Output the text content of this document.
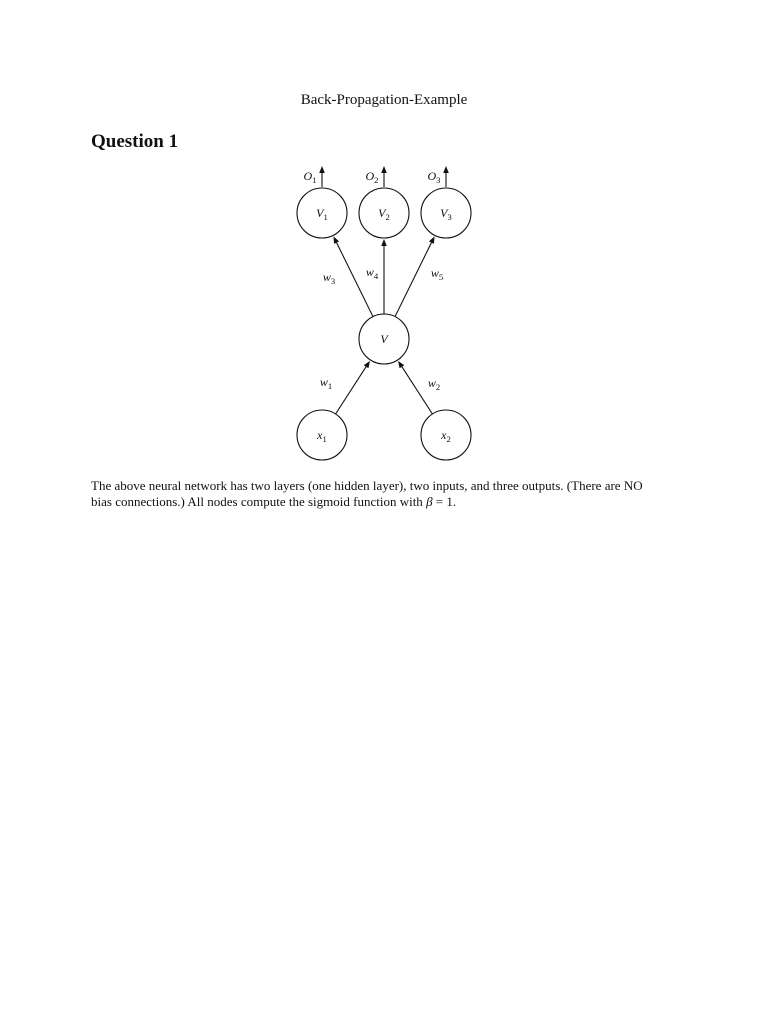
Back-Propagation-Example
Question 1
$w_1$	$w_2$
$w_3$
$w_4$	$w_5$
$V_1$	$V_2$	$V_3$
V
$x_1$	$x_2$
$O_1$	$O_2$	$O_3$

The above neural network has two layers (one hidden layer), two inputs, and three outputs. (There are NO

bias connections.) All nodes compute the sigmoid function with β = 1.
